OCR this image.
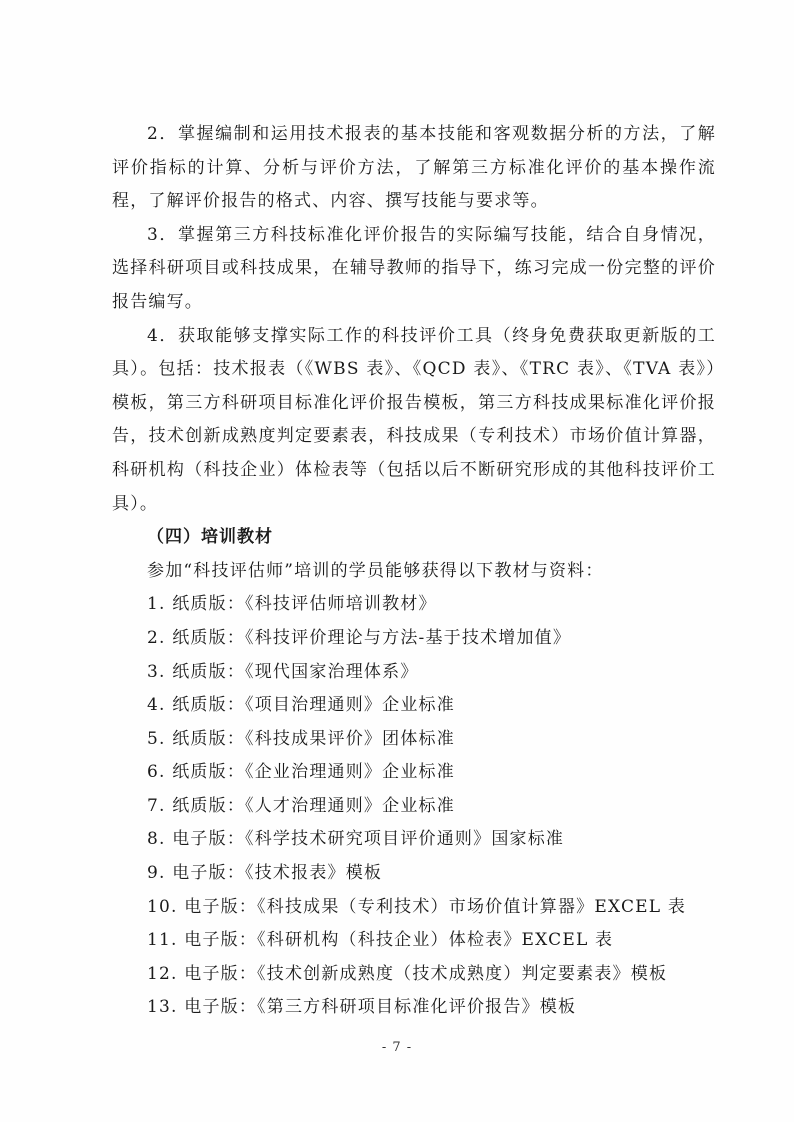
2．掌握编制和运用技术报表的基本技能和客观数据分析的方法，了解评价指标的计算、分析与评价方法，了解第三方标准化评价的基本操作流程，了解评价报告的格式、内容、撰写技能与要求等。

3．掌握第三方科技标准化评价报告的实际编写技能，结合自身情况，选择科研项目或科技成果，在辅导教师的指导下，练习完成一份完整的评价报告编写。

4．获取能够支撑实际工作的科技评价工具（终身免费获取更新版的工具）。包括：技术报表（《WBS 表》、《QCD 表》、《TRC 表》、《TVA 表》）模板，第三方科研项目标准化评价报告模板，第三方科技成果标准化评价报告，技术创新成熟度判定要素表，科技成果（专利技术）市场价值计算器，科研机构（科技企业）体检表等（包括以后不断研究形成的其他科技评价工具）。

（四）培训教材

参加“科技评估师”培训的学员能够获得以下教材与资料：

1. 纸质版：《科技评估师培训教材》

2. 纸质版：《科技评价理论与方法-基于技术增加值》

3. 纸质版：《现代国家治理体系》

4. 纸质版：《项目治理通则》企业标准

5. 纸质版：《科技成果评价》团体标准

6. 纸质版：《企业治理通则》企业标准

7. 纸质版：《人才治理通则》企业标准

8. 电子版：《科学技术研究项目评价通则》国家标准

9. 电子版：《技术报表》模板

10. 电子版：《科技成果（专利技术）市场价值计算器》EXCEL 表

11. 电子版：《科研机构（科技企业）体检表》EXCEL 表

12. 电子版：《技术创新成熟度（技术成熟度）判定要素表》模板

13. 电子版：《第三方科研项目标准化评价报告》模板

- 7 -
